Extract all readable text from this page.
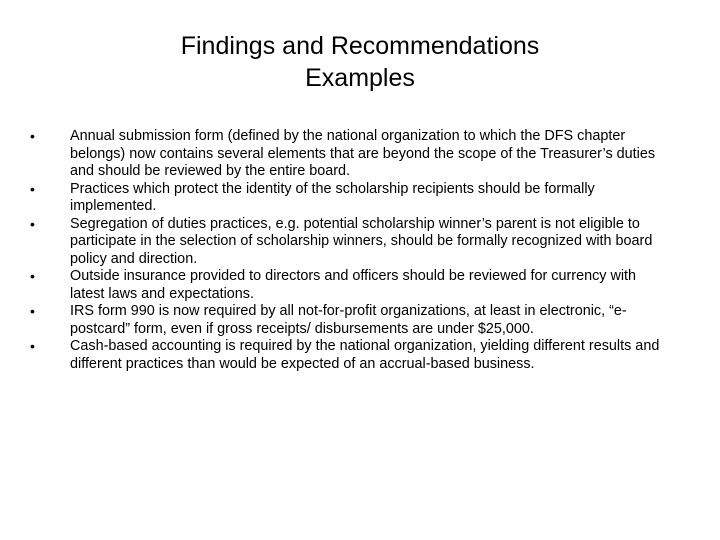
Findings and Recommendations
Examples
• Annual submission form (defined by the national organization to which the DFS chapter belongs) now contains several elements that are beyond the scope of the Treasurer’s duties and should be reviewed by the entire board.
• Practices which protect the identity of the scholarship recipients should be formally implemented.
• Segregation of duties practices, e.g. potential scholarship winner’s parent is not eligible to participate in the selection of scholarship winners, should be formally recognized with board policy and direction.
• Outside insurance provided to directors and officers should be reviewed for currency with latest laws and expectations.
• IRS form 990 is now required by all not-for-profit organizations, at least in electronic, “e-postcard” form, even if gross receipts/ disbursements are under $25,000.
• Cash-based accounting is required by the national organization, yielding different results and different practices than would be expected of an accrual-based business.
